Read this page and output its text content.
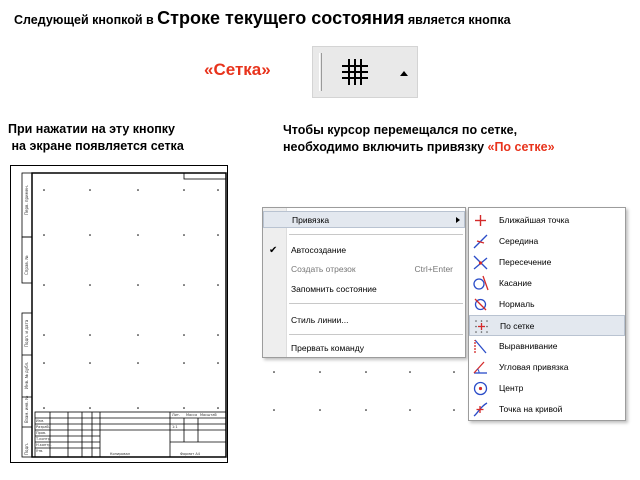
Следующей кнопкой в Строке текущего состояния является кнопка
«Сетка»
При нажатии на эту кнопку
на экране появляется сетка
Чтобы курсор перемещался по сетке,
необходимо включить привязку «По сетке»
Перв. примен.
Справ. №
Подп. и дата
Инв. № дубл.
Взам. инв. №
Подп.
Изм.
Разраб.
Пров.
Т.контр.
Н.контр.
Утв.
Лит. Масса Масштаб
1:1
Копировал	Формат А4
Привязка
✔ Автосоздание
Создать отрезок	Ctrl+Enter
Запомнить состояние
Стиль линии...
Прервать команду
Ближайшая точка
Середина
Пересечение
Касание
Нормаль
По сетке
Выравнивание
Угловая привязка
Центр
Точка на кривой
